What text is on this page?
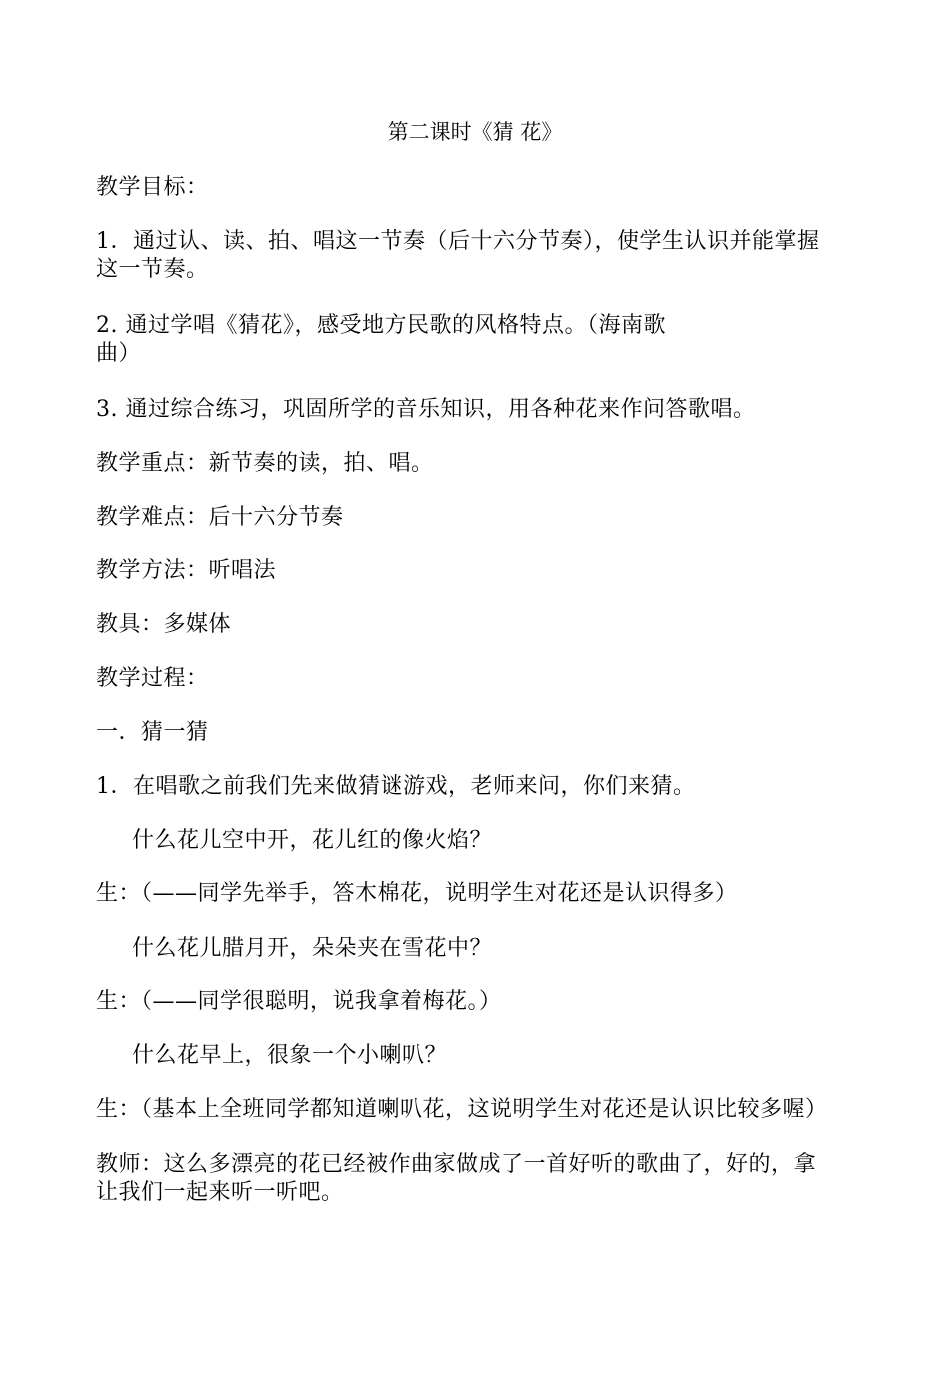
第二课时《猜 花》
教学目标：
1．通过认、读、拍、唱这一节奏（后十六分节奏），使学生认识并能掌握
这一节奏。
2. 通过学唱《猜花》，感受地方民歌的风格特点。（海南歌
曲）
3. 通过综合练习，巩固所学的音乐知识，用各种花来作问答歌唱。
教学重点：新节奏的读，拍、唱。
教学难点：后十六分节奏
教学方法：听唱法
教具：多媒体
教学过程：
一．猜一猜
1．在唱歌之前我们先来做猜谜游戏，老师来问，你们来猜。
什么花儿空中开，花儿红的像火焰？
生：（——同学先举手，答木棉花，说明学生对花还是认识得多）
什么花儿腊月开，朵朵夹在雪花中？
生：（——同学很聪明，说我拿着梅花。）
什么花早上，很象一个小喇叭？
生：（基本上全班同学都知道喇叭花，这说明学生对花还是认识比较多喔）
教师：这么多漂亮的花已经被作曲家做成了一首好听的歌曲了，好的，拿
让我们一起来听一听吧。
